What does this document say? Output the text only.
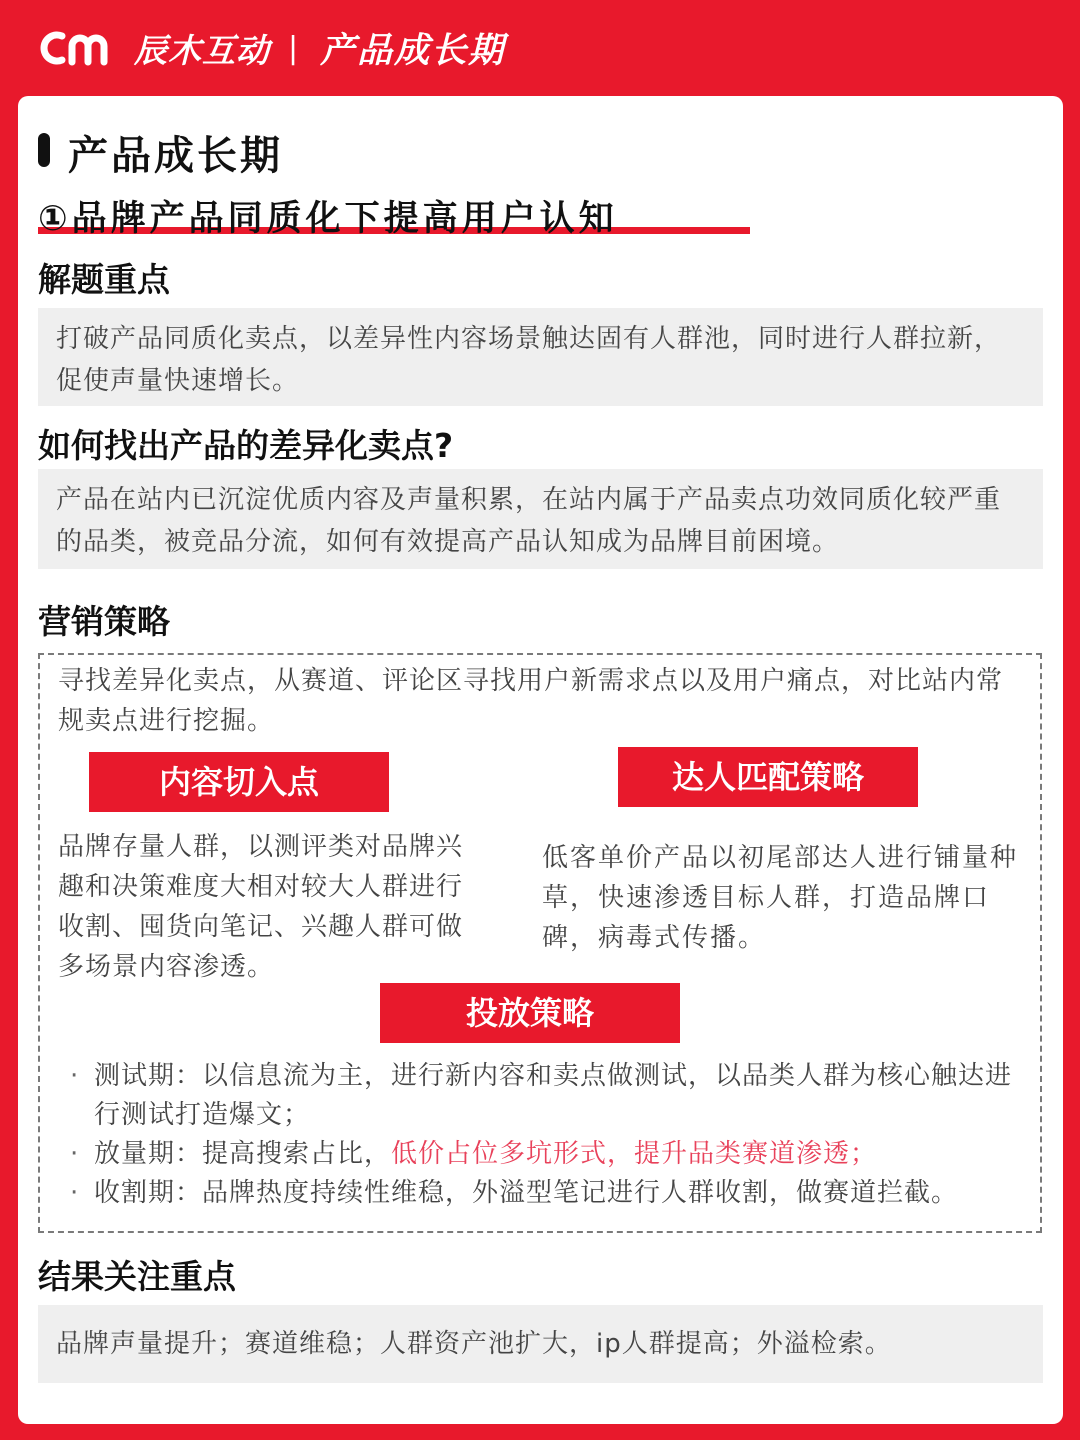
辰木互动 | 产品成长期
产品成长期
①品牌产品同质化下提高用户认知
解题重点
打破产品同质化卖点，以差异性内容场景触达固有人群池，同时进行人群拉新，促使声量快速增长。
如何找出产品的差异化卖点?
产品在站内已沉淀优质内容及声量积累，在站内属于产品卖点功效同质化较严重的品类，被竞品分流，如何有效提高产品认知成为品牌目前困境。
营销策略
寻找差异化卖点，从赛道、评论区寻找用户新需求点以及用户痛点，对比站内常规卖点进行挖掘。
内容切入点
品牌存量人群，以测评类对品牌兴趣和决策难度大相对较大人群进行收割、囤货向笔记、兴趣人群可做多场景内容渗透。
达人匹配策略
低客单价产品以初尾部达人进行铺量种草，快速渗透目标人群，打造品牌口碑，病毒式传播。
投放策略
· 测试期：以信息流为主，进行新内容和卖点做测试，以品类人群为核心触达进行测试打造爆文；
· 放量期：提高搜索占比，低价占位多坑形式，提升品类赛道渗透；
· 收割期：品牌热度持续性维稳，外溢型笔记进行人群收割，做赛道拦截。
结果关注重点
品牌声量提升；赛道维稳；人群资产池扩大，ip人群提高；外溢检索。
